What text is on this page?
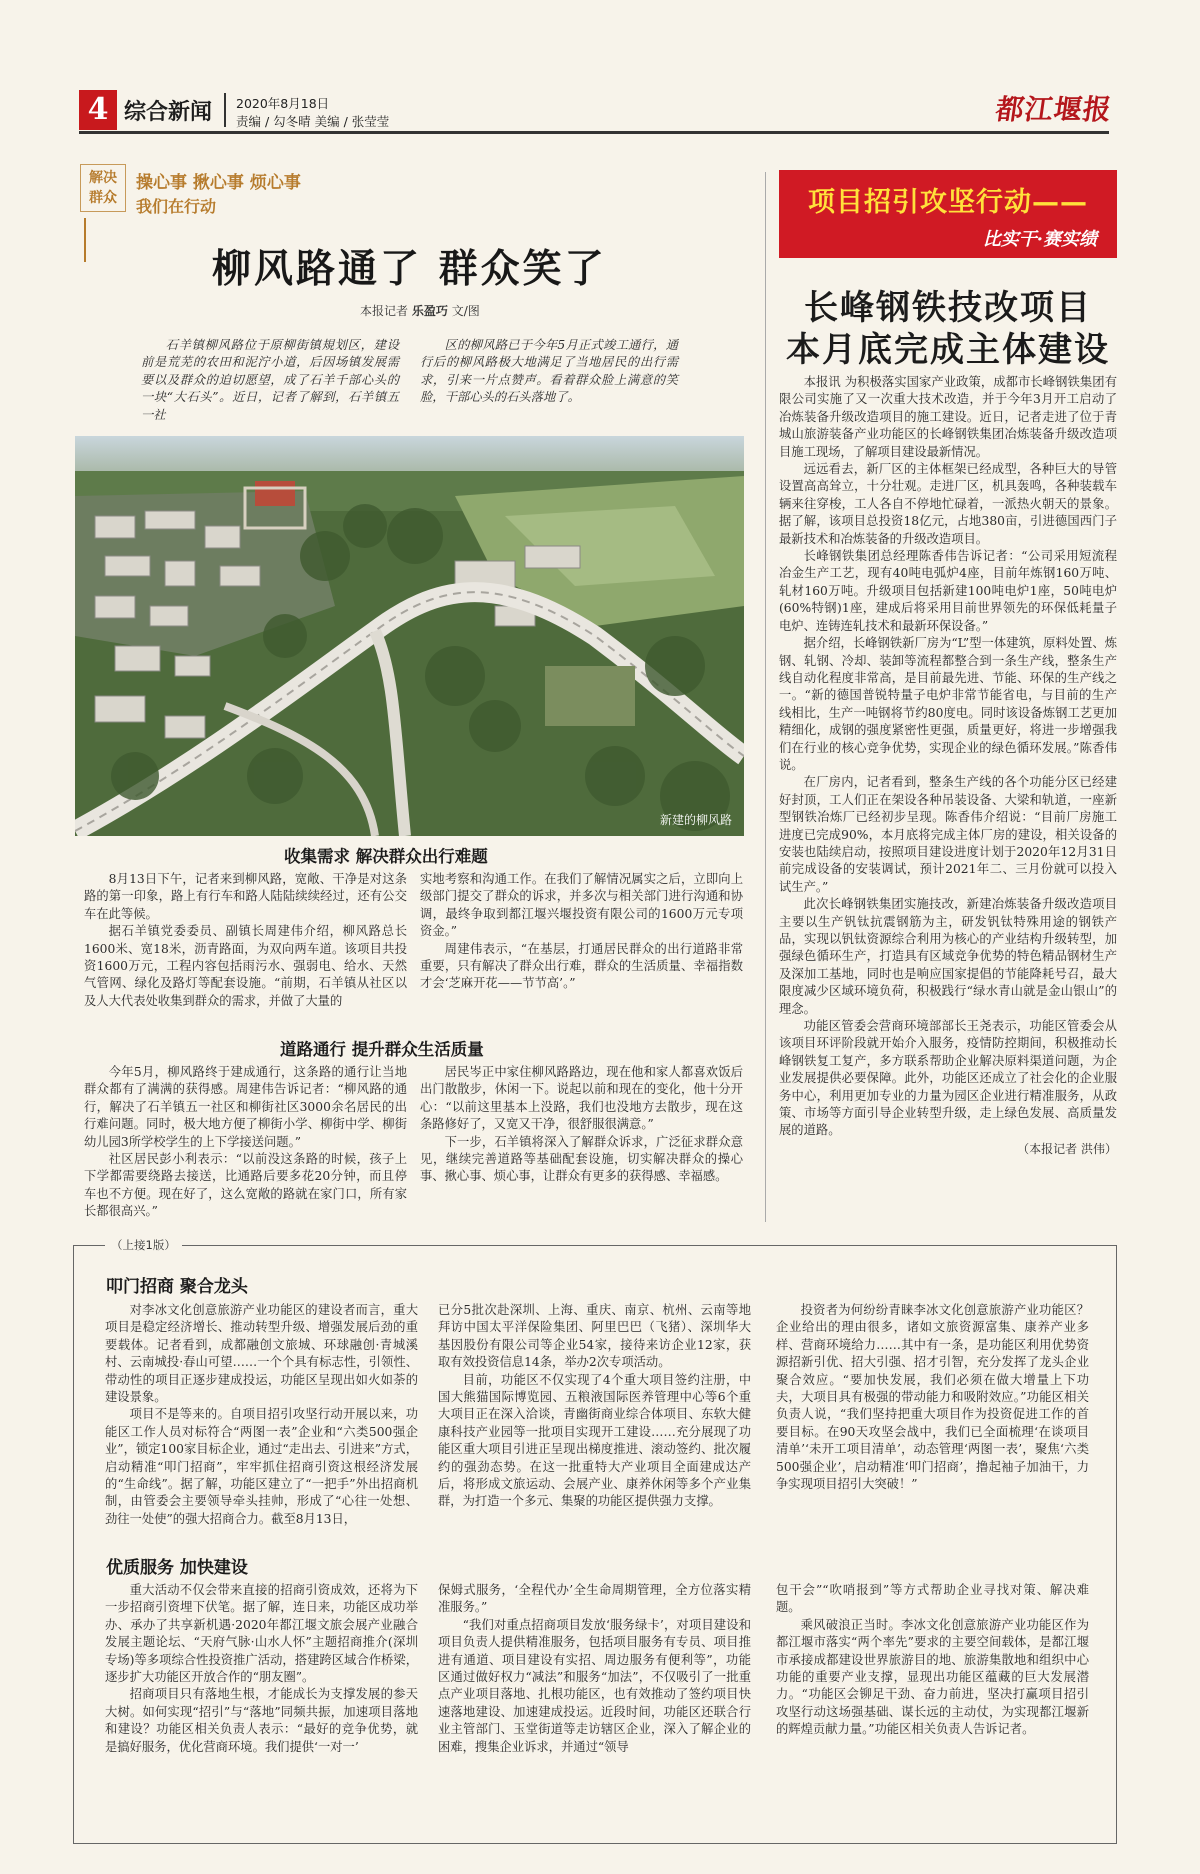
4 综合新闻 2020年8月18日
责编 / 勾冬晴 美编 / 张莹莹	都江堰报
解决
群众
操心事 揪心事 烦心事
我们在行动
柳风路通了 群众笑了
本报记者 乐盈巧 文/图

石羊镇柳风路位于原柳街镇規划区，建设前是荒芜的农田和泥泞小道，后因场镇发展需要以及群众的迫切愿望，成了石羊千部心头的一块“大石头”。近日，记者了解到，石羊镇五一社

区的柳风路已于今年5月正式竣工通行，通行后的柳风路极大地满足了当地居民的出行需求，引来一片点赞声。看着群众脸上满意的笑脸，干部心头的石头落地了。

新建的柳风路
收集需求 解决群众出行难题

8月13日下午，记者来到柳风路，宽敞、干净是对这条路的第一印象，路上有行车和路人陆陆续续经过，还有公交车在此等候。

据石羊镇党委委员、副镇长周建伟介绍，柳风路总长1600米、宽18米，沥青路面，为双向两车道。该项目共投资1600万元，工程内容包括雨污水、强弱电、给水、天然气管网、绿化及路灯等配套设施。“前期，石羊镇从社区以及人大代表处收集到群众的需求，并做了大量的

实地考察和沟通工作。在我们了解情况属实之后，立即向上级部门提交了群众的诉求，并多次与相关部门进行沟通和协调，最终争取到都江堰兴堰投资有限公司的1600万元专项资金。”

周建伟表示，“在基层，打通居民群众的出行道路非常重要，只有解决了群众出行难，群众的生活质量、幸福指数才会‘芝麻开花——节节高’。”

道路通行 提升群众生活质量

今年5月，柳风路终于建成通行，这条路的通行让当地群众都有了满满的获得感。周建伟告诉记者：“柳风路的通行，解决了石羊镇五一社区和柳街社区3000余名居民的出行难问题。同时，极大地方便了柳街小学、柳街中学、柳街幼儿园3所学校学生的上下学接送问题。”

社区居民彭小利表示：“以前没这条路的时候，孩子上下学都需要绕路去接送，比通路后要多花20分钟，而且停车也不方便。现在好了，这么宽敞的路就在家门口，所有家长都很高兴。”

居民岑正中家住柳风路路边，现在他和家人都喜欢饭后出门散散步，休闲一下。说起以前和现在的变化，他十分开心：“以前这里基本上没路，我们也没地方去散步，现在这条路修好了，又宽又干净，很舒服很满意。”

下一步，石羊镇将深入了解群众诉求，广泛征求群众意见，继续完善道路等基础配套设施，切实解决群众的操心事、揪心事、烦心事，让群众有更多的获得感、幸福感。

项目招引攻坚行动——
比实干·赛实绩
长峰钢铁技改项目
本月底完成主体建设

本报讯 为积极落实国家产业政策，成都市长峰钢铁集团有限公司实施了又一次重大技术改造，并于今年3月开工启动了冶炼装备升级改造项目的施工建设。近日，记者走进了位于青城山旅游装备产业功能区的长峰钢铁集团冶炼装备升级改造项目施工现场，了解项目建设最新情况。

远远看去，新厂区的主体框架已经成型，各种巨大的导管设置高高耸立，十分壮观。走进厂区，机具轰鸣，各种装载车辆来往穿梭，工人各自不停地忙碌着，一派热火朝天的景象。据了解，该项目总投资18亿元，占地380亩，引进德国西门子最新技术和冶炼装备的升级改造项目。

长峰钢铁集团总经理陈香伟告诉记者：“公司采用短流程冶金生产工艺，现有40吨电弧炉4座，目前年炼钢160万吨、轧材160万吨。升级项目包括新建100吨电炉1座，50吨电炉(60%特钢)1座，建成后将采用目前世界领先的环保低耗量子电炉、连铸连轧技术和最新环保设备。”

据介绍，长峰钢铁新厂房为“L”型一体建筑，原料处置、炼钢、轧钢、冷却、装卸等流程都整合到一条生产线，整条生产线自动化程度非常高，是目前最先进、节能、环保的生产线之一。“新的德国普锐特量子电炉非常节能省电，与目前的生产线相比，生产一吨钢将节约80度电。同时该设备炼钢工艺更加精细化，成钢的强度紧密性更强，质量更好，将进一步增强我们在行业的核心竞争优势，实现企业的绿色循环发展。”陈香伟说。

在厂房内，记者看到，整条生产线的各个功能分区已经建好封顶，工人们正在架设各种吊装设备、大梁和轨道，一座新型钢铁冶炼厂已经初步呈现。陈香伟介绍说：“目前厂房施工进度已完成90%，本月底将完成主体厂房的建设，相关设备的安装也陆续启动，按照项目建设进度计划于2020年12月31日前完成设备的安装调试，预计2021年二、三月份就可以投入试生产。”

此次长峰钢铁集团实施技改，新建冶炼装备升级改造项目主要以生产钒钛抗震钢筋为主，研发钒钛特殊用途的钢铁产品，实现以钒钛资源综合利用为核心的产业结构升级转型，加强绿色循环生产，打造具有区域竞争优势的特色精品钢材生产及深加工基地，同时也是响应国家提倡的节能降耗号召，最大限度减少区域环境负荷，积极践行“绿水青山就是金山银山”的理念。

功能区管委会营商环境部部长王尧表示，功能区管委会从该项目环评阶段就开始介入服务，疫情防控期间，积极推动长峰钢铁复工复产，多方联系帮助企业解决原料渠道问题，为企业发展提供必要保障。此外，功能区还成立了社会化的企业服务中心，利用更加专业的力量为园区企业进行精准服务，从政策、市场等方面引导企业转型升级，走上绿色发展、高质量发展的道路。

（本报记者 洪伟）
（上接1版）
叩门招商 聚合龙头

对李冰文化创意旅游产业功能区的建设者而言，重大项目是稳定经济增长、推动转型升级、增强发展后劲的重要载体。记者看到，成都融创文旅城、环球融创·青城溪村、云南城投·春山可望……一个个具有标志性，引领性、带动性的项目正逐步建成投运，功能区呈现出如火如荼的建设景象。

项目不是等来的。自项目招引攻坚行动开展以来，功能区工作人员对标符合“两图一表”企业和“六类500强企业”，锁定100家目标企业，通过“走出去、引进来”方式，启动精准“叩门招商”，牢牢抓住招商引资这根经济发展的“生命线”。据了解，功能区建立了“一把手”外出招商机制，由管委会主要领导牵头挂帅，形成了“心往一处想、劲往一处使”的强大招商合力。截至8月13日，

已分5批次赴深圳、上海、重庆、南京、杭州、云南等地拜访中国太平洋保险集团、阿里巴巴（飞猪）、深圳华大基因股份有限公司等企业54家，接待来访企业12家，获取有效投资信息14条，举办2次专项活动。

目前，功能区不仅实现了4个重大项目签约注册，中国大熊猫国际博览园、五粮液国际医养管理中心等6个重大项目正在深入洽谈，青幽街商业综合体项目、东软大健康科技产业园等一批项目实现开工建设……充分展现了功能区重大项目引进正呈现出梯度推进、滚动签约、批次履约的强劲态势。在这一批重特大产业项目全面建成达产后，将形成文旅运动、会展产业、康养休闲等多个产业集群，为打造一个多元、集聚的功能区提供强力支撑。

投资者为何纷纷青睐李冰文化创意旅游产业功能区？企业给出的理由很多，诸如文旅资源富集、康养产业多样、营商环境给力……其中有一条，是功能区利用优势资源招新引优、招大引强、招才引智，充分发挥了龙头企业聚合效应。“要加快发展，我们必须在做大增量上下功夫，大项目具有极强的带动能力和吸附效应。”功能区相关负责人说，“我们坚持把重大项目作为投资促进工作的首要目标。在90天攻坚会战中，我们已全面梳理‘在谈项目清单’‘未开工项目清单’，动态管理‘两图一表’，聚焦‘六类500强企业’，启动精准‘叩门招商’，撸起袖子加油干，力争实现项目招引大突破！”

优质服务 加快建设

重大活动不仅会带来直接的招商引资成效，还将为下一步招商引资埋下伏笔。据了解，连日来，功能区成功举办、承办了共享新机遇·2020年都江堰文旅会展产业融合发展主题论坛、“天府气脉·山水人怀”主题招商推介(深圳专场)等多项综合性投资推广活动，搭建跨区域合作桥梁，逐步扩大功能区开放合作的“朋友圈”。

招商项目只有落地生根，才能成长为支撑发展的参天大树。如何实现“招引”与“落地”同频共振，加速项目落地和建设？功能区相关负责人表示：“最好的竞争优势，就是搞好服务，优化营商环境。我们提供‘一对一’

保姆式服务，‘全程代办’全生命周期管理，全方位落实精准服务。”

“我们对重点招商项目发放‘服务绿卡’，对项目建设和项目负责人提供精准服务，包括项目服务有专员、项目推进有通道、项目建设有实招、周边服务有便利等”，功能区通过做好权力“减法”和服务“加法”，不仅吸引了一批重点产业项目落地、扎根功能区，也有效推动了签约项目快速落地建设、加速建成投运。近段时间，功能区还联合行业主管部门、玉堂街道等走访辖区企业，深入了解企业的困难，搜集企业诉求，并通过“领导

包干会”“吹哨报到”等方式帮助企业寻找对策、解决难题。

乘风破浪正当时。李冰文化创意旅游产业功能区作为都江堰市落实“两个率先”要求的主要空间载体，是都江堰市承接成都建设世界旅游目的地、旅游集散地和组织中心功能的重要产业支撑，显现出功能区蕴藏的巨大发展潜力。“功能区会铆足干劲、奋力前进，坚决打赢项目招引攻坚行动这场强基础、谋长远的主动仗，为实现都江堰新的辉煌贡献力量。”功能区相关负责人告诉记者。
